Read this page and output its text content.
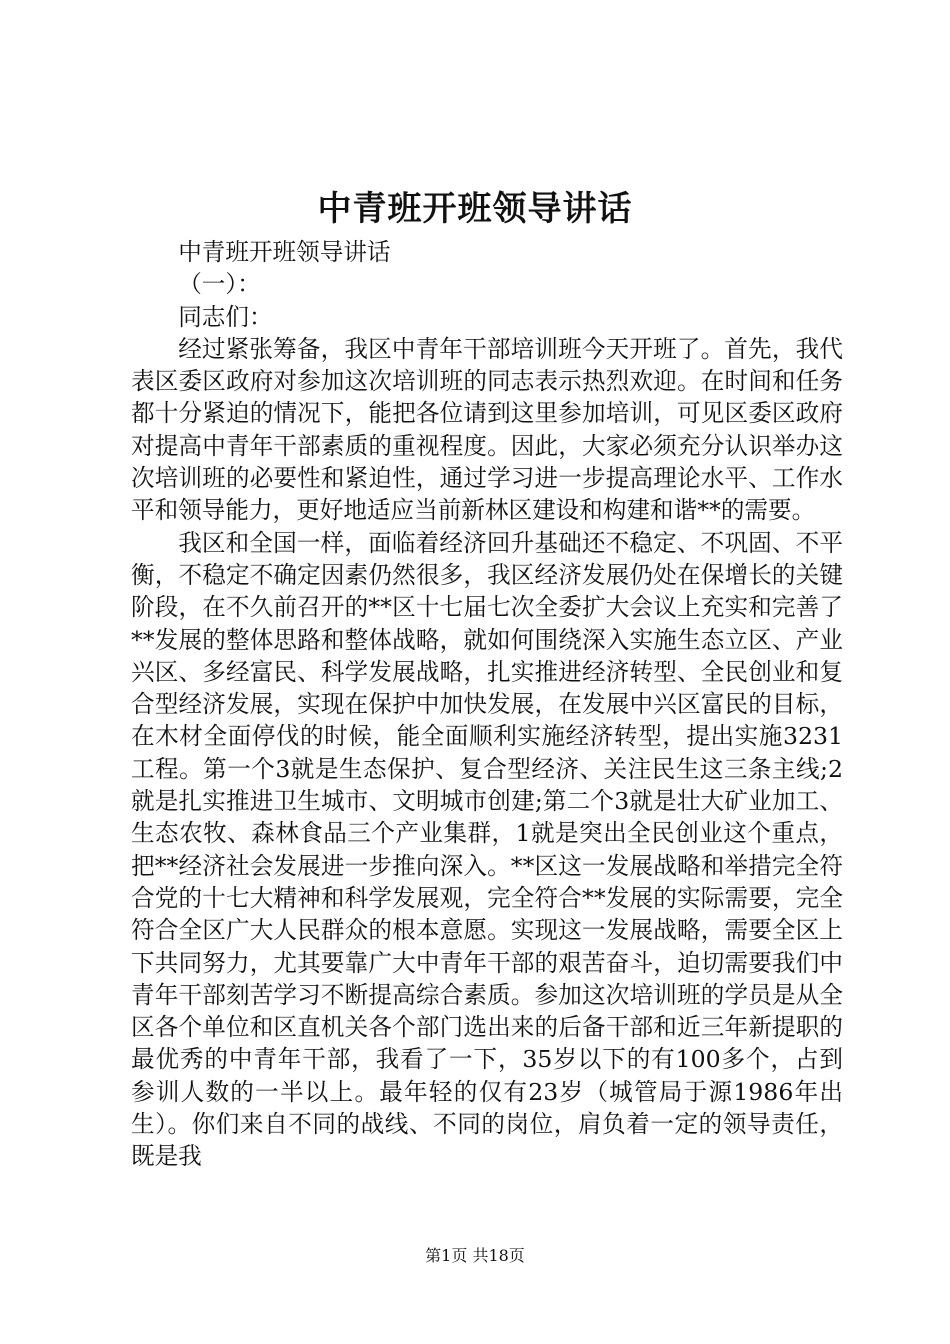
中青班开班领导讲话

中青班开班领导讲话

（一）：

同志们：

经过紧张筹备，我区中青年干部培训班今天开班了。首先，我代表区委区政府对参加这次培训班的同志表示热烈欢迎。在时间和任务都十分紧迫的情况下，能把各位请到这里参加培训，可见区委区政府对提高中青年干部素质的重视程度。因此，大家必须充分认识举办这次培训班的必要性和紧迫性，通过学习进一步提高理论水平、工作水平和领导能力，更好地适应当前新林区建设和构建和谐**的需要。

我区和全国一样，面临着经济回升基础还不稳定、不巩固、不平衡，不稳定不确定因素仍然很多，我区经济发展仍处在保增长的关键阶段，在不久前召开的**区十七届七次全委扩大会议上充实和完善了**发展的整体思路和整体战略，就如何围绕深入实施生态立区、产业兴区、多经富民、科学发展战略，扎实推进经济转型、全民创业和复合型经济发展，实现在保护中加快发展，在发展中兴区富民的目标，在木材全面停伐的时候，能全面顺利实施经济转型，提出实施3231工程。第一个3就是生态保护、复合型经济、关注民生这三条主线;2就是扎实推进卫生城市、文明城市创建;第二个3就是壮大矿业加工、生态农牧、森林食品三个产业集群，1就是突出全民创业这个重点，把**经济社会发展进一步推向深入。**区这一发展战略和举措完全符合党的十七大精神和科学发展观，完全符合**发展的实际需要，完全符合全区广大人民群众的根本意愿。实现这一发展战略，需要全区上下共同努力，尤其要靠广大中青年干部的艰苦奋斗，迫切需要我们中青年干部刻苦学习不断提高综合素质。参加这次培训班的学员是从全区各个单位和区直机关各个部门选出来的后备干部和近三年新提职的最优秀的中青年干部，我看了一下，35岁以下的有100多个，占到参训人数的一半以上。最年轻的仅有23岁（城管局于源1986年出生）。你们来自不同的战线、不同的岗位，肩负着一定的领导责任，既是我

第1页 共18页
